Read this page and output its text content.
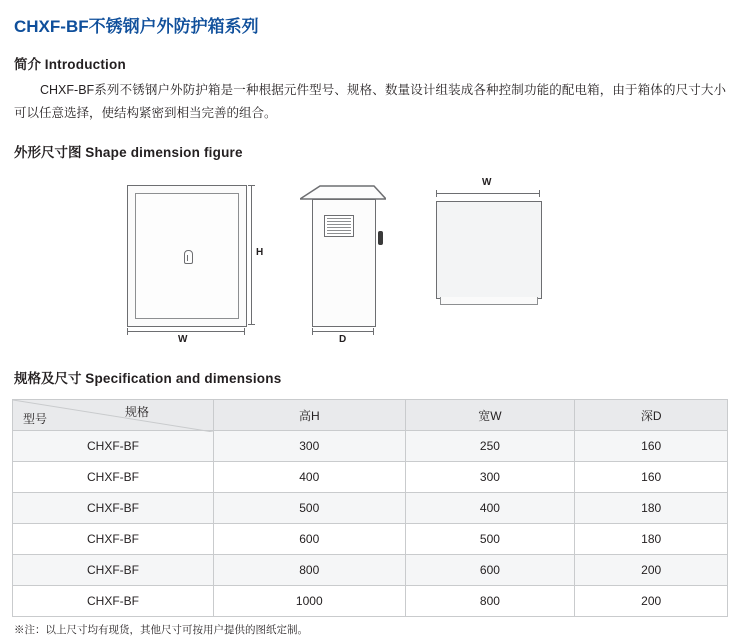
CHXF-BF不锈钢户外防护箱系列
简介 Introduction

CHXF-BF系列不锈钢户外防护箱是一种根据元件型号、规格、数量设计组装成各种控制功能的配电箱，由于箱体的尺寸大小可以任意选择，使结构紧密到相当完善的组合。

外形尺寸图 Shape dimension figure
H
W	D
W
规格及尺寸 Specification and dimensions
型号 规格	高H	宽W	深D
CHXF-BF	300	250	160
CHXF-BF	400	300	160
CHXF-BF	500	400	180
CHXF-BF	600	500	180
CHXF-BF	800	600	200
CHXF-BF	1000	800	200
※注：以上尺寸均有现货，其他尺寸可按用户提供的图纸定制。
